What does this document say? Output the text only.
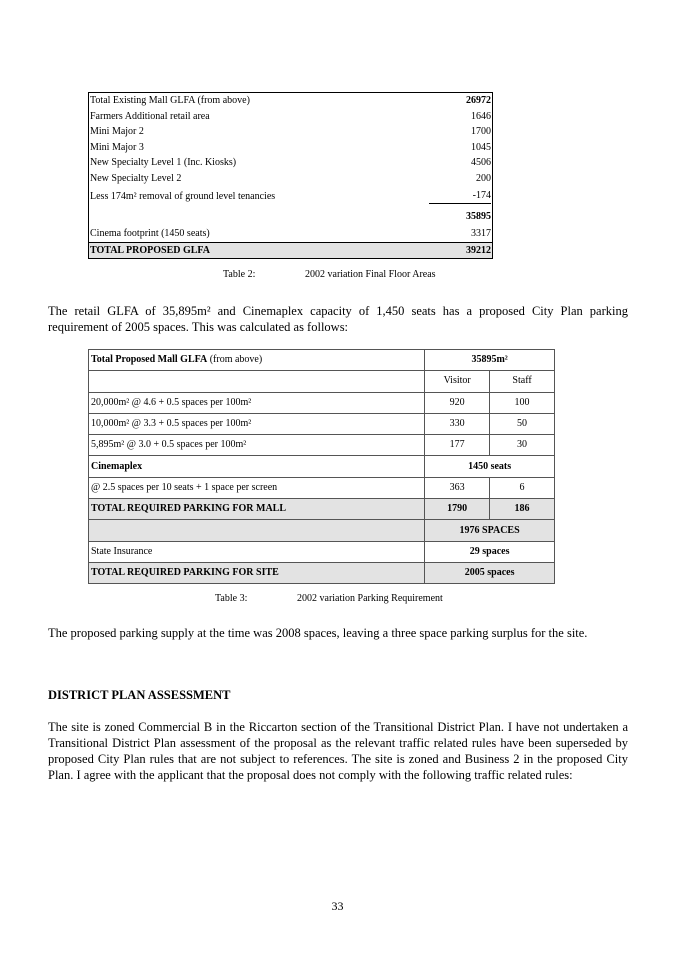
Total Existing Mall GLFA (from above)	26972
Farmers Additional retail area	1646
Mini Major 2	1700
Mini Major 3	1045
New Specialty Level 1 (Inc. Kiosks)	4506
New Specialty Level 2	200
Less 174m² removal of ground level tenancies	-174
	35895
Cinema footprint (1450 seats)	3317
TOTAL PROPOSED GLFA	39212
Table 2:	2002 variation Final Floor Areas
The retail GLFA of 35,895m² and Cinemaplex capacity of 1,450 seats has a proposed City Plan parking requirement of 2005 spaces. This was calculated as follows:
Total Proposed Mall GLFA (from above)	35895m²	
	Visitor	Staff
20,000m² @ 4.6 + 0.5 spaces per 100m²	920	100
10,000m² @ 3.3 + 0.5 spaces per 100m²	330	50
5,895m² @ 3.0 + 0.5 spaces per 100m²	177	30
Cinemaplex	1450 seats	
@ 2.5 spaces per 10 seats + 1 space per screen	363	6
TOTAL REQUIRED PARKING FOR MALL	1790	186
	1976 SPACES	
State Insurance	29 spaces	
TOTAL REQUIRED PARKING FOR SITE	2005 spaces	
Table 3:	2002 variation Parking Requirement
The proposed parking supply at the time was 2008 spaces, leaving a three space parking surplus for the site.
DISTRICT PLAN ASSESSMENT
The site is zoned Commercial B in the Riccarton section of the Transitional District Plan. I have not undertaken a Transitional District Plan assessment of the proposal as the relevant traffic related rules have been superseded by proposed City Plan rules that are not subject to references. The site is zoned and Business 2 in the proposed City Plan. I agree with the applicant that the proposal does not comply with the following traffic related rules:
33
